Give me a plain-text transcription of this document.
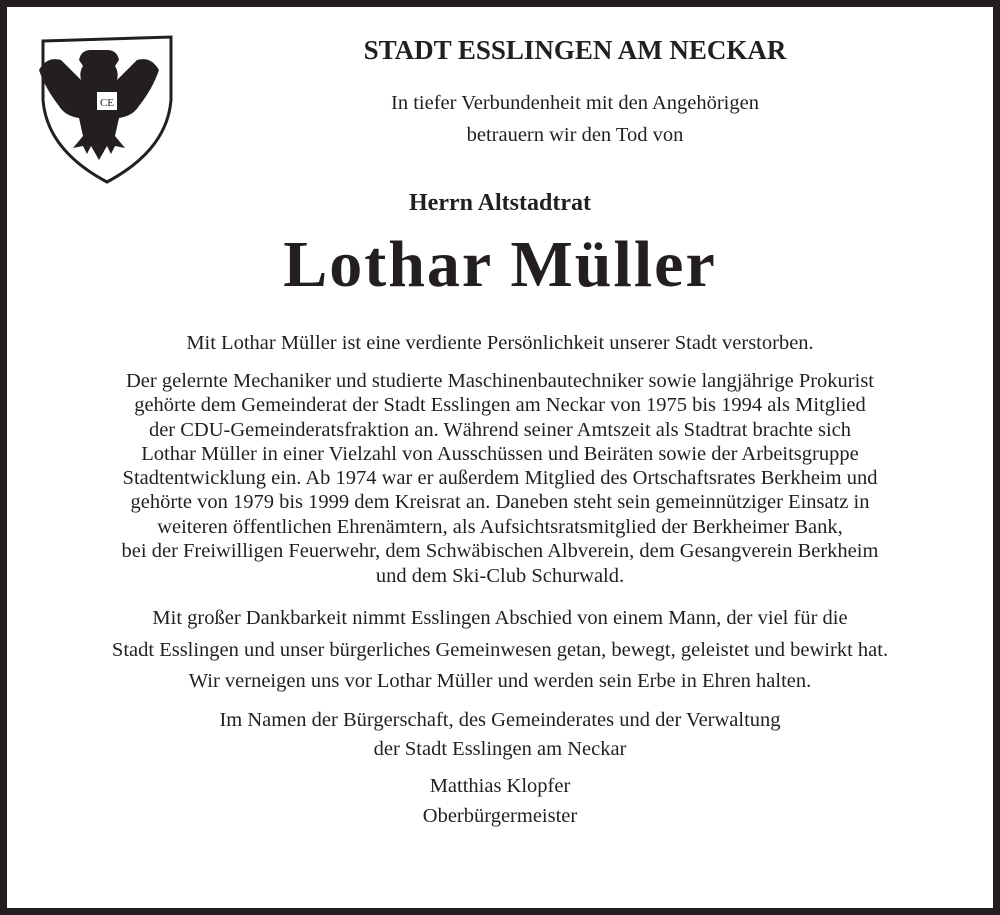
CE
STADT ESSLINGEN AM NECKAR
In tiefer Verbundenheit mit den Angehörigen
betrauern wir den Tod von
Herrn Altstadtrat
Lothar Müller
Mit Lothar Müller ist eine verdiente Persönlichkeit unserer Stadt verstorben.
Der gelernte Mechaniker und studierte Maschinenbautechniker sowie langjährige Prokurist
gehörte dem Gemeinderat der Stadt Esslingen am Neckar von 1975 bis 1994 als Mitglied
der CDU-Gemeinderatsfraktion an. Während seiner Amtszeit als Stadtrat brachte sich
Lothar Müller in einer Vielzahl von Ausschüssen und Beiräten sowie der Arbeitsgruppe
Stadtentwicklung ein. Ab 1974 war er außerdem Mitglied des Ortschaftsrates Berkheim und
gehörte von 1979 bis 1999 dem Kreisrat an. Daneben steht sein gemeinnütziger Einsatz in
weiteren öffentlichen Ehrenämtern, als Aufsichtsratsmitglied der Berkheimer Bank,
bei der Freiwilligen Feuerwehr, dem Schwäbischen Albverein, dem Gesangverein Berkheim
und dem Ski-Club Schurwald.
Mit großer Dankbarkeit nimmt Esslingen Abschied von einem Mann, der viel für die
Stadt Esslingen und unser bürgerliches Gemeinwesen getan, bewegt, geleistet und bewirkt hat.
Wir verneigen uns vor Lothar Müller und werden sein Erbe in Ehren halten.
Im Namen der Bürgerschaft, des Gemeinderates und der Verwaltung
der Stadt Esslingen am Neckar
Matthias Klopfer
Oberbürgermeister
